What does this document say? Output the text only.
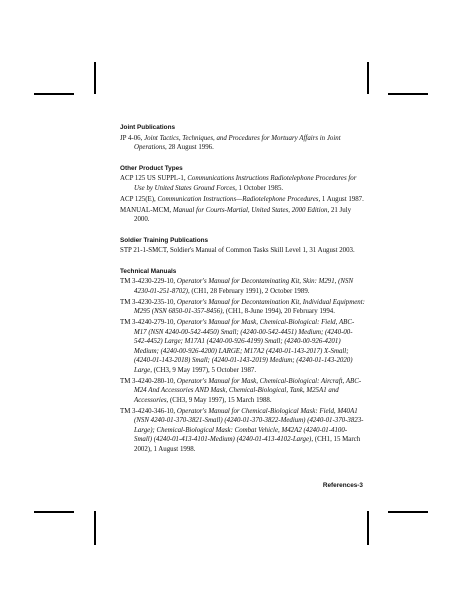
Joint Publications
JP 4-06, Joint Tactics, Techniques, and Procedures for Mortuary Affairs in Joint Operations, 28 August 1996.
Other Product Types
ACP 125 US SUPPL-1, Communications Instructions Radiotelephone Procedures for Use by United States Ground Forces, 1 October 1985.
ACP 125(E), Communication Instructions—Radiotelephone Procedures, 1 August 1987.
MANUAL-MCM, Manual for Courts-Martial, United States, 2000 Edition, 21 July 2000.
Soldier Training Publications
STP 21-1-SMCT, Soldier's Manual of Common Tasks Skill Level 1, 31 August 2003.
Technical Manuals
TM 3-4230-229-10, Operator's Manual for Decontaminating Kit, Skin: M291, (NSN 4230-01-251-8702), (CH1, 28 February 1991), 2 October 1989.
TM 3-4230-235-10, Operator's Manual for Decontamination Kit, Individual Equipment: M295 (NSN 6850-01-357-8456), (CH1, 8-June 1994), 20 February 1994.
TM 3-4240-279-10, Operator's Manual for Mask, Chemical-Biological: Field, ABC-M17 (NSN 4240-00-542-4450) Small; (4240-00-542-4451) Medium; (4240-00-542-4452) Large; M17A1 (4240-00-926-4199) Small; (4240-00-926-4201) Medium; (4240-00-926-4200) LARGE; M17A2 (4240-01-143-2017) X-Small; (4240-01-143-2018) Small; (4240-01-143-2019) Medium; (4240-01-143-2020) Large, (CH3, 9 May 1997), 5 October 1987.
TM 3-4240-280-10, Operator's Manual for Mask, Chemical-Biological: Aircraft, ABC-M24 And Accessories AND Mask, Chemical-Biological, Tank, M25A1 and Accessories, (CH3, 9 May 1997), 15 March 1988.
TM 3-4240-346-10, Operator's Manual for Chemical-Biological Mask: Field, M40A1 (NSN 4240-01-370-3821-Small) (4240-01-370-3822-Medium) (4240-01-370-3823-Large); Chemical-Biological Mask: Combat Vehicle, M42A2 (4240-01-4100-Small) (4240-01-413-4101-Medium) (4240-01-413-4102-Large), (CH1, 15 March 2002), 1 August 1998.
References-3
